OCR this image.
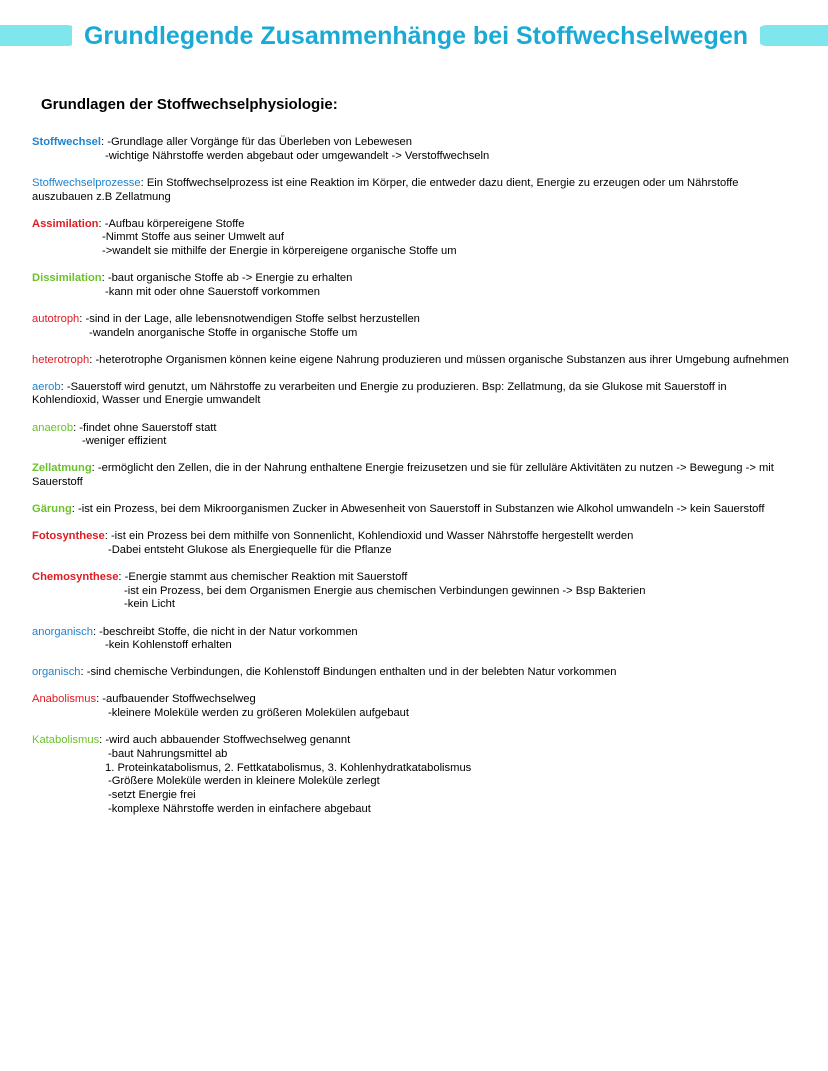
Grundlegende Zusammenhänge bei Stoffwechselwegen
Grundlagen der Stoffwechselphysiologie:
Stoffwechsel: -Grundlage aller Vorgänge für das Überleben von Lebewesen
-wichtige Nährstoffe werden abgebaut oder umgewandelt -> Verstoffwechseln
Stoffwechselprozesse: Ein Stoffwechselprozess ist eine Reaktion im Körper, die entweder dazu dient, Energie zu erzeugen oder um Nährstoffe auszubauen z.B Zellatmung
Assimilation: -Aufbau körpereigene Stoffe
-Nimmt Stoffe aus seiner Umwelt auf
->wandelt sie mithilfe der Energie in körpereigene organische Stoffe um
Dissimilation: -baut organische Stoffe ab -> Energie zu erhalten
-kann mit oder ohne Sauerstoff vorkommen
autotroph: -sind in der Lage, alle lebensnotwendigen Stoffe selbst herzustellen
-wandeln anorganische Stoffe in organische Stoffe um
heterotroph: -heterotrophe Organismen können keine eigene Nahrung produzieren und müssen organische Substanzen aus ihrer Umgebung aufnehmen
aerob: -Sauerstoff wird genutzt, um Nährstoffe zu verarbeiten und Energie zu produzieren. Bsp: Zellatmung, da sie Glukose mit Sauerstoff in Kohlendioxid, Wasser und Energie umwandelt
anaerob: -findet ohne Sauerstoff statt
-weniger effizient
Zellatmung: -ermöglicht den Zellen, die in der Nahrung enthaltene Energie freizusetzen und sie für zelluläre Aktivitäten zu nutzen -> Bewegung -> mit Sauerstoff
Gärung: -ist ein Prozess, bei dem Mikroorganismen Zucker in Abwesenheit von Sauerstoff in Substanzen wie Alkohol umwandeln -> kein Sauerstoff
Fotosynthese: -ist ein Prozess bei dem mithilfe von Sonnenlicht, Kohlendioxid und Wasser Nährstoffe hergestellt werden
-Dabei entsteht Glukose als Energiequelle für die Pflanze
Chemosynthese: -Energie stammt aus chemischer Reaktion mit Sauerstoff
-ist ein Prozess, bei dem Organismen Energie aus chemischen Verbindungen gewinnen -> Bsp Bakterien
-kein Licht
anorganisch: -beschreibt Stoffe, die nicht in der Natur vorkommen
-kein Kohlenstoff erhalten
organisch: -sind chemische Verbindungen, die Kohlenstoff Bindungen enthalten und in der belebten Natur vorkommen
Anabolismus: -aufbauender Stoffwechselweg
-kleinere Moleküle werden zu größeren Molekülen aufgebaut
Katabolismus: -wird auch abbauender Stoffwechselweg genannt
-baut Nahrungsmittel ab
1. Proteinkatabolismus, 2. Fettkatabolismus, 3. Kohlenhydratkatabolismus
-Größere Moleküle werden in kleinere Moleküle zerlegt
-setzt Energie frei
-komplexe Nährstoffe werden in einfachere abgebaut
